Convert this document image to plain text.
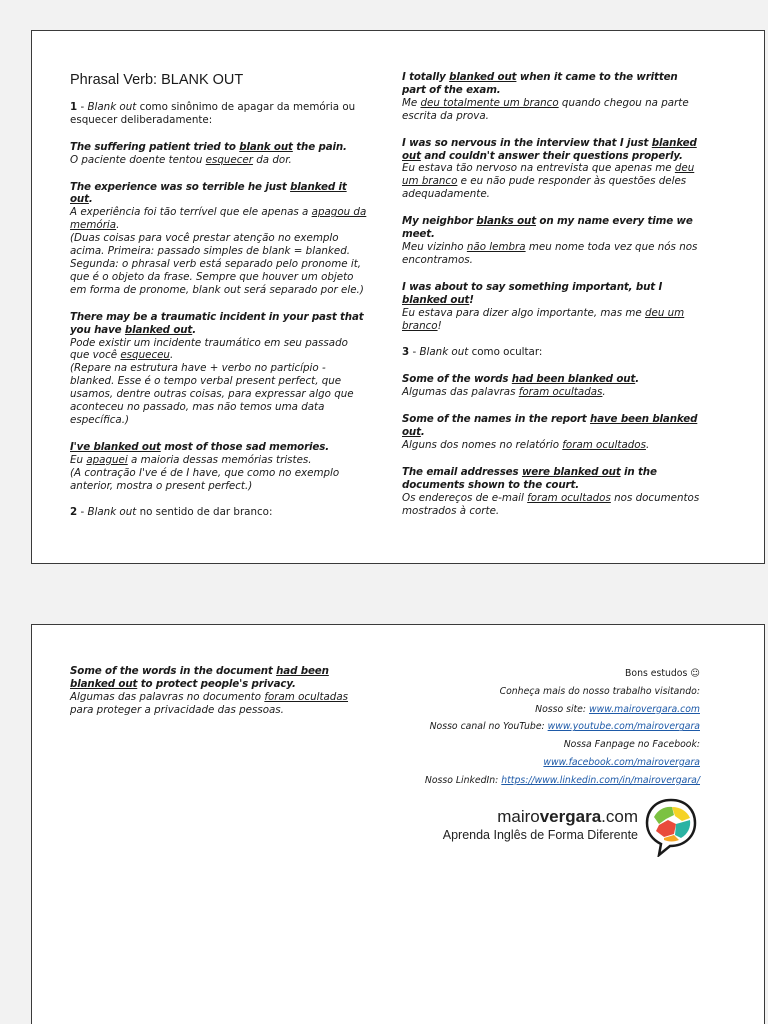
Phrasal Verb: BLANK OUT

1 - Blank out como sinônimo de apagar da memória ou esquecer deliberadamente:

The suffering patient tried to blank out the pain.
O paciente doente tentou esquecer da dor.

The experience was so terrible he just blanked it out.
A experiência foi tão terrível que ele apenas a apagou da memória.
(Duas coisas para você prestar atenção no exemplo acima. Primeira: passado simples de blank = blanked. Segunda: o phrasal verb está separado pelo pronome it, que é o objeto da frase. Sempre que houver um objeto em forma de pronome, blank out será separado por ele.)

There may be a traumatic incident in your past that you have blanked out.
Pode existir um incidente traumático em seu passado que você esqueceu.
(Repare na estrutura have + verbo no particípio - blanked. Esse é o tempo verbal present perfect, que usamos, dentre outras coisas, para expressar algo que aconteceu no passado, mas não temos uma data específica.)

I've blanked out most of those sad memories.
Eu apaguei a maioria dessas memórias tristes.
(A contração I've é de I have, que como no exemplo anterior, mostra o present perfect.)

2 - Blank out no sentido de dar branco:

I totally blanked out when it came to the written part of the exam.
Me deu totalmente um branco quando chegou na parte escrita da prova.

I was so nervous in the interview that I just blanked out and couldn't answer their questions properly.
Eu estava tão nervoso na entrevista que apenas me deu um branco e eu não pude responder às questões deles adequadamente.

My neighbor blanks out on my name every time we meet.
Meu vizinho não lembra meu nome toda vez que nós nos encontramos.

I was about to say something important, but I blanked out!
Eu estava para dizer algo importante, mas me deu um branco!

3 - Blank out como ocultar:

Some of the words had been blanked out.
Algumas das palavras foram ocultadas.

Some of the names in the report have been blanked out.
Alguns dos nomes no relatório foram ocultados.

The email addresses were blanked out in the documents shown to the court.
Os endereços de e-mail foram ocultados nos documentos mostrados à corte.

Some of the words in the document had been blanked out to protect people's privacy.
Algumas das palavras no documento foram ocultadas para proteger a privacidade das pessoas.

Bons estudos ☺
Conheça mais do nosso trabalho visitando:
Nosso site: www.mairovergara.com
Nosso canal no YouTube: www.youtube.com/mairovergara
Nossa Fanpage no Facebook:
www.facebook.com/mairovergara
Nosso LinkedIn: https://www.linkedin.com/in/mairovergara/
mairovergara.com
Aprenda Inglês de Forma Diferente
